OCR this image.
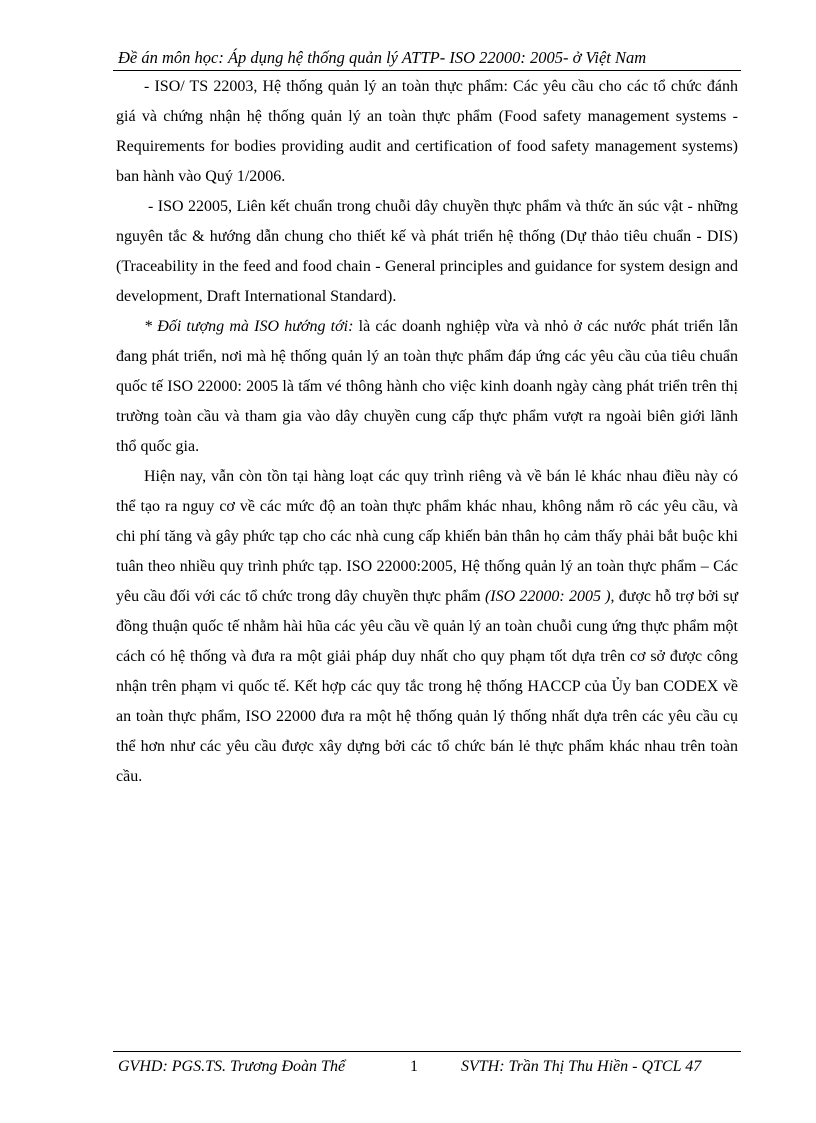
Đề án môn học: Áp dụng hệ thống quản lý ATTP- ISO 22000: 2005- ở Việt Nam

- ISO/ TS 22003, Hệ thống quản lý an toàn thực phẩm: Các yêu cầu cho các tổ chức đánh giá và chứng nhận hệ thống quản lý an toàn thực phẩm (Food safety management systems - Requirements for bodies providing audit and certification of food safety management systems) ban hành vào Quý 1/2006.

- ISO 22005, Liên kết chuẩn trong chuỗi dây chuyền thực phẩm và thức ăn súc vật - những nguyên tắc & hướng dẫn chung cho thiết kế và phát triển hệ thống (Dự thảo tiêu chuẩn - DIS) (Traceability in the feed and food chain - General principles and guidance for system design and development, Draft International Standard).

* Đối tượng mà ISO hướng tới: là các doanh nghiệp vừa và nhỏ ở các nước phát triển lẫn đang phát triển, nơi mà hệ thống quản lý an toàn thực phẩm đáp ứng các yêu cầu của tiêu chuẩn quốc tế ISO 22000: 2005 là tấm vé thông hành cho việc kinh doanh ngày càng phát triển trên thị trường toàn cầu và tham gia vào dây chuyền cung cấp thực phẩm vượt ra ngoài biên giới lãnh thổ quốc gia.

Hiện nay, vẫn còn tồn tại hàng loạt các quy trình riêng và về bán lẻ khác nhau điều này có thể tạo ra nguy cơ về các mức độ an toàn thực phẩm khác nhau, không nắm rõ các yêu cầu, và chi phí tăng và gây phức tạp cho các nhà cung cấp khiến bản thân họ cảm thấy phải bắt buộc khi tuân theo nhiều quy trình phức tạp. ISO 22000:2005, Hệ thống quản lý an toàn thực phẩm – Các yêu cầu đối với các tổ chức trong dây chuyền thực phẩm (ISO 22000: 2005 ), được hỗ trợ bởi sự đồng thuận quốc tế nhằm hài hũa các yêu cầu về quản lý an toàn chuỗi cung ứng thực phẩm một cách có hệ thống và đưa ra một giải pháp duy nhất cho quy phạm tốt dựa trên cơ sở được công nhận trên phạm vi quốc tế. Kết hợp các quy tắc trong hệ thống HACCP của Ủy ban CODEX về an toàn thực phẩm, ISO 22000 đưa ra một hệ thống quản lý thống nhất dựa trên các yêu cầu cụ thể hơn như các yêu cầu được xây dựng bởi các tổ chức bán lẻ thực phẩm khác nhau trên toàn cầu.

GVHD: PGS.TS. Trương Đoàn Thể	1	SVTH: Trần Thị Thu Hiền - QTCL 47
